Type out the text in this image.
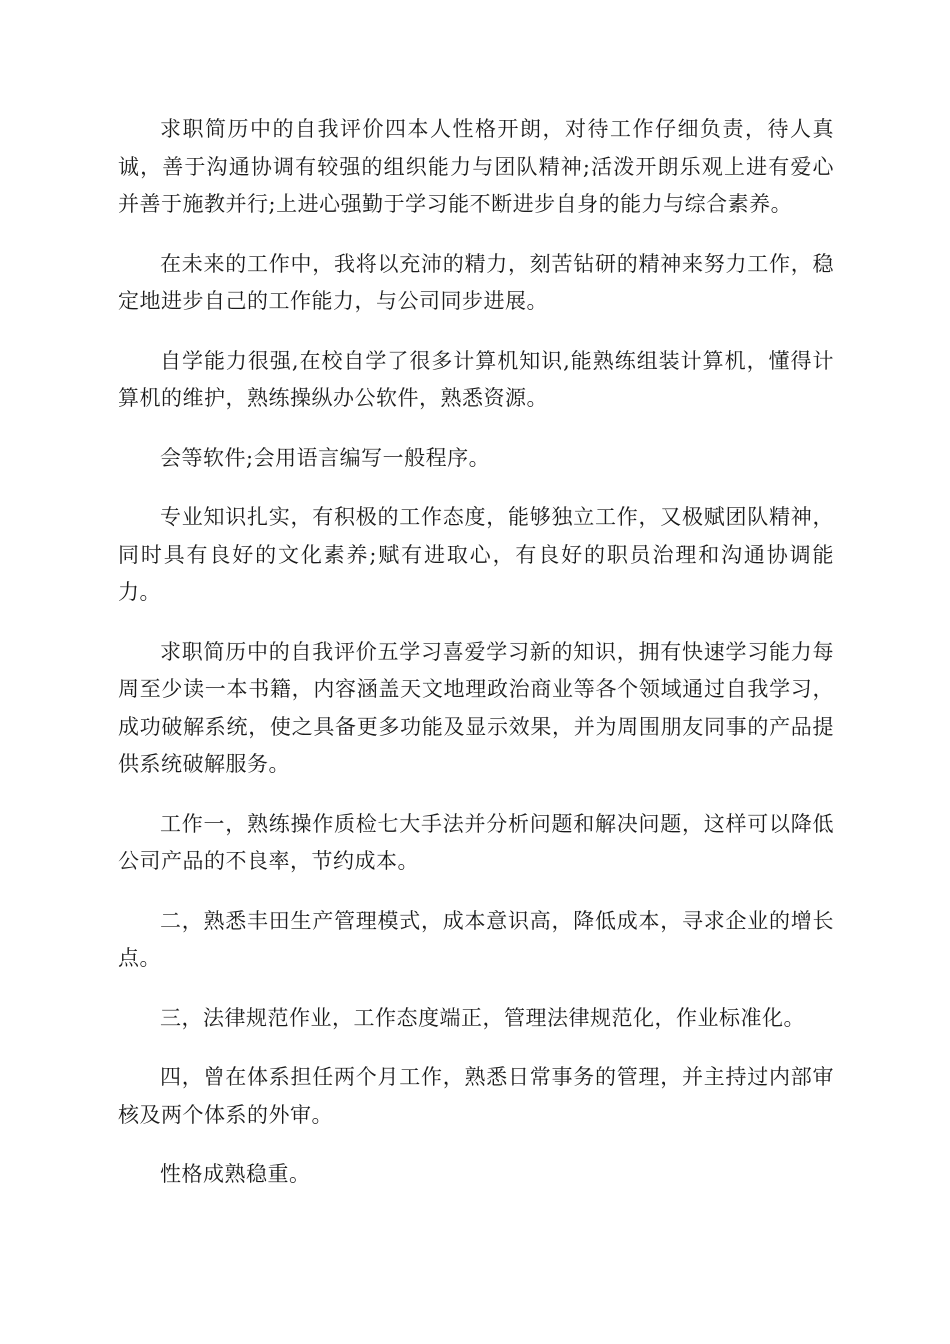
求职简历中的自我评价四本人性格开朗，对待工作仔细负责，待人真诚，善于沟通协调有较强的组织能力与团队精神;活泼开朗乐观上进有爱心并善于施教并行;上进心强勤于学习能不断进步自身的能力与综合素养。

在未来的工作中，我将以充沛的精力，刻苦钻研的精神来努力工作，稳定地进步自己的工作能力，与公司同步进展。

自学能力很强,在校自学了很多计算机知识,能熟练组装计算机，懂得计算机的维护，熟练操纵办公软件，熟悉资源。

会等软件;会用语言编写一般程序。

专业知识扎实，有积极的工作态度，能够独立工作，又极赋团队精神，同时具有良好的文化素养;赋有进取心，有良好的职员治理和沟通协调能力。

求职简历中的自我评价五学习喜爱学习新的知识，拥有快速学习能力每周至少读一本书籍，内容涵盖天文地理政治商业等各个领域通过自我学习，成功破解系统，使之具备更多功能及显示效果，并为周围朋友同事的产品提供系统破解服务。

工作一，熟练操作质检七大手法并分析问题和解决问题，这样可以降低公司产品的不良率，节约成本。

二，熟悉丰田生产管理模式，成本意识高，降低成本，寻求企业的增长点。

三，法律规范作业，工作态度端正，管理法律规范化，作业标准化。

四，曾在体系担任两个月工作，熟悉日常事务的管理，并主持过内部审核及两个体系的外审。

性格成熟稳重。
